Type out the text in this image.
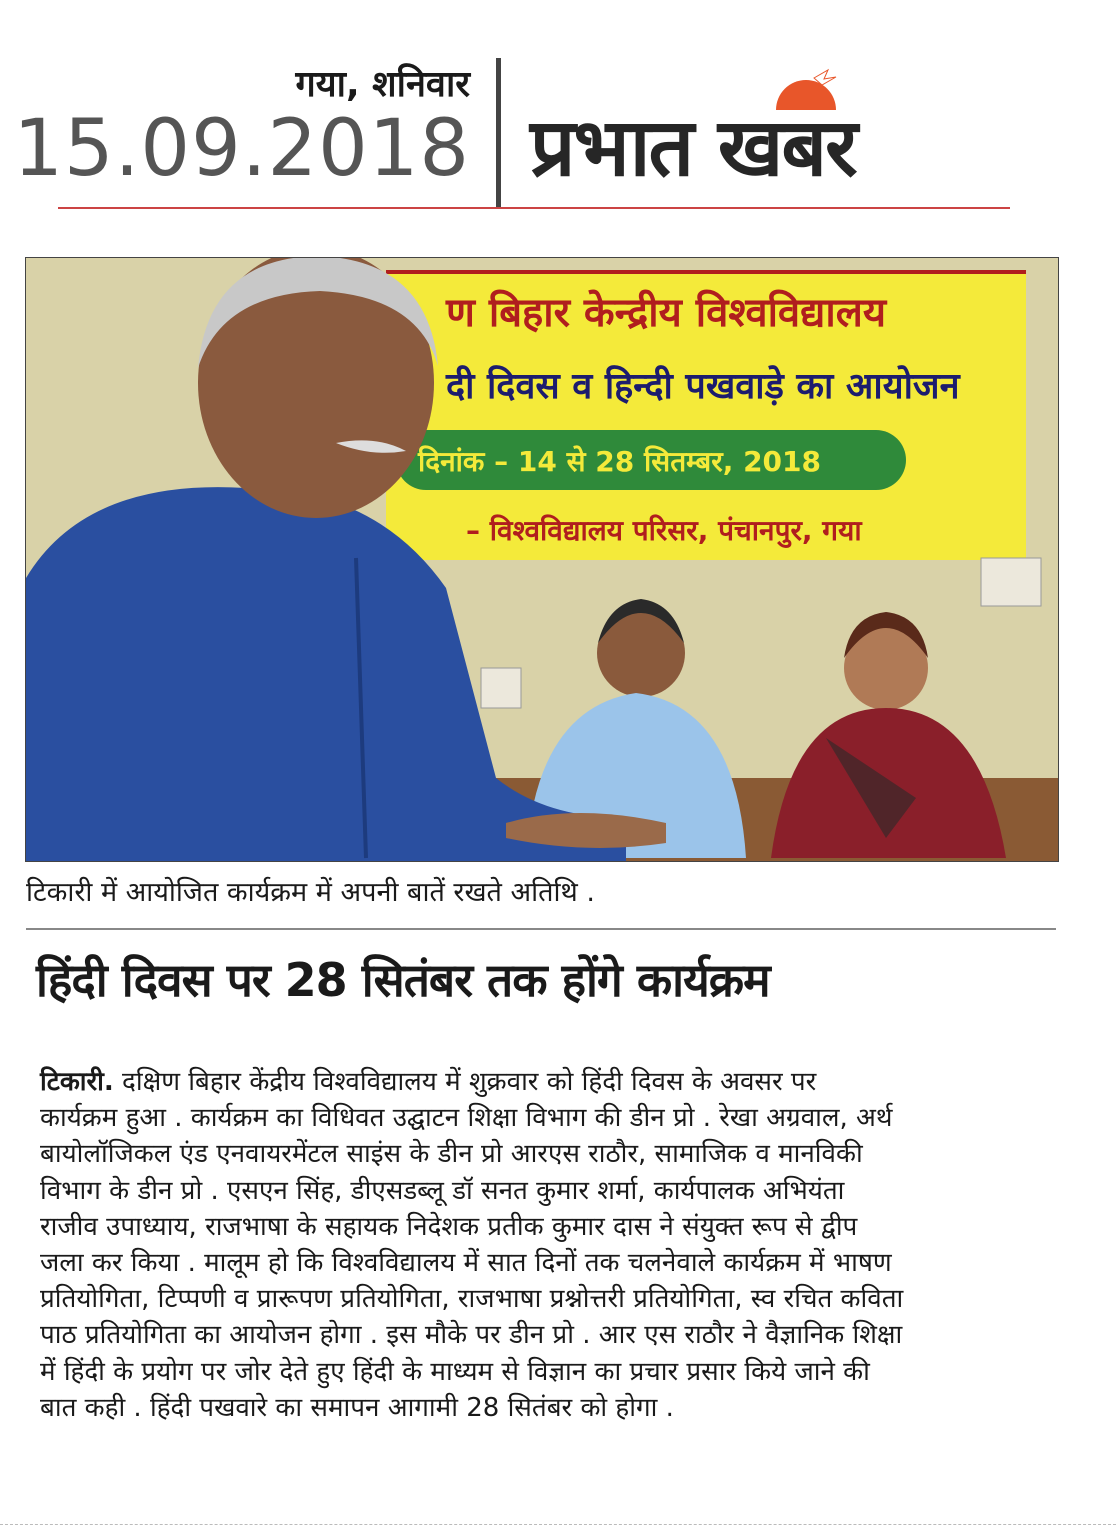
गया, शनिवार
15.09.2018 प्रभात खबर
ण बिहार केन्द्रीय विश्वविद्यालय
दी दिवस व हिन्दी पखवाड़े का आयोजन
दिनांक – 14 से 28 सितम्बर, 2018
– विश्वविद्यालय परिसर, पंचानपुर, गया
टिकारी में आयोजित कार्यक्रम में अपनी बातें रखते अतिथि .
हिंदी दिवस पर 28 सितंबर तक होंगे कार्यक्रम
टिकारी. दक्षिण बिहार केंद्रीय विश्वविद्यालय में शुक्रवार को हिंदी दिवस के अवसर पर
कार्यक्रम हुआ . कार्यक्रम का विधिवत उद्घाटन शिक्षा विभाग की डीन प्रो . रेखा अग्रवाल, अर्थ
बायोलॉजिकल एंड एनवायरमेंटल साइंस के डीन प्रो आरएस राठौर, सामाजिक व मानविकी
विभाग के डीन प्रो . एसएन सिंह, डीएसडब्लू डॉ सनत कुमार शर्मा, कार्यपालक अभियंता
राजीव उपाध्याय, राजभाषा के सहायक निदेशक प्रतीक कुमार दास ने संयुक्त रूप से द्वीप
जला कर किया . मालूम हो कि विश्वविद्यालय में सात दिनों तक चलनेवाले कार्यक्रम में भाषण
प्रतियोगिता, टिप्पणी व प्रारूपण प्रतियोगिता, राजभाषा प्रश्नोत्तरी प्रतियोगिता, स्व रचित कविता
पाठ प्रतियोगिता का आयोजन होगा . इस मौके पर डीन प्रो . आर एस राठौर ने वैज्ञानिक शिक्षा
में हिंदी के प्रयोग पर जोर देते हुए हिंदी के माध्यम से विज्ञान का प्रचार प्रसार किये जाने की
बात कही . हिंदी पखवारे का समापन आगामी 28 सितंबर को होगा .
